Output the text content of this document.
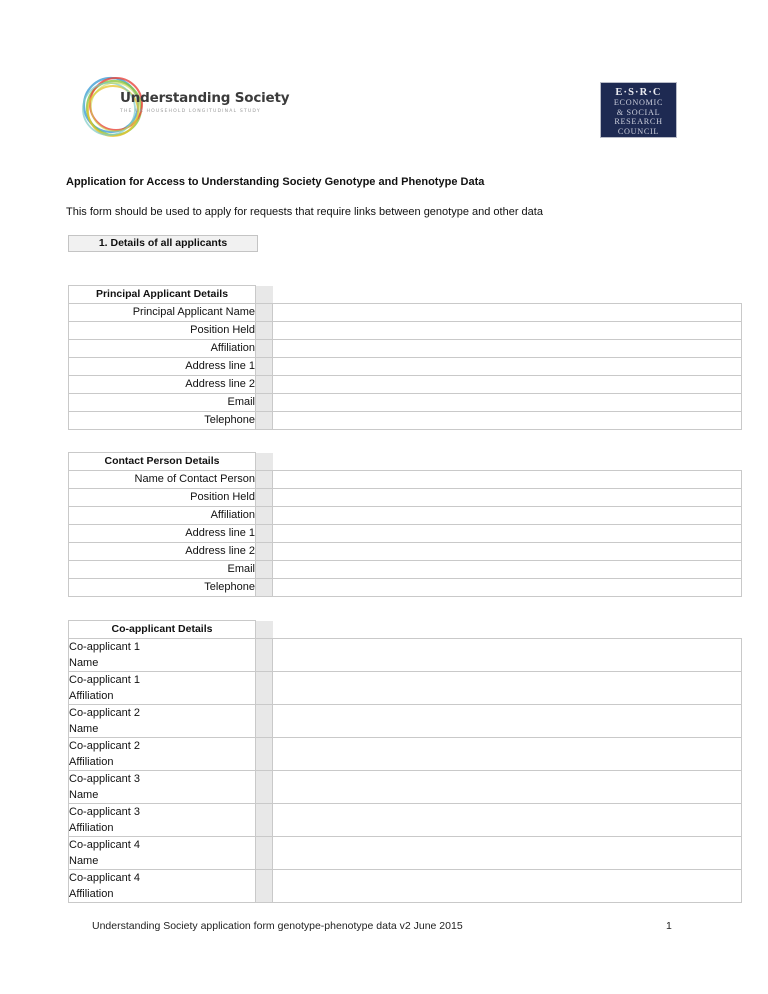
Understanding Society
THE UK HOUSEHOLD LONGITUDINAL STUDY
E·S·R·C
ECONOMIC
& SOCIAL
RESEARCH
COUNCIL
Application for Access to Understanding Society Genotype and Phenotype Data
This form should be used to apply for requests that require links between genotype and other data
1. Details of all applicants
Principal Applicant Details		
Principal Applicant Name		
Position Held		
Affiliation		
Address line 1		
Address line 2		
Email		
Telephone		
Contact Person Details		
Name of Contact Person		
Position Held		
Affiliation		
Address line 1		
Address line 2		
Email		
Telephone		
Co-applicant Details		

Co-applicant 1
Name		

Co-applicant 1
Affiliation		

Co-applicant 2
Name		

Co-applicant 2
Affiliation		

Co-applicant 3
Name		

Co-applicant 3
Affiliation		

Co-applicant 4
Name		

Co-applicant 4
Affiliation		

Understanding Society application form genotype-phenotype data v2 June 2015	1
